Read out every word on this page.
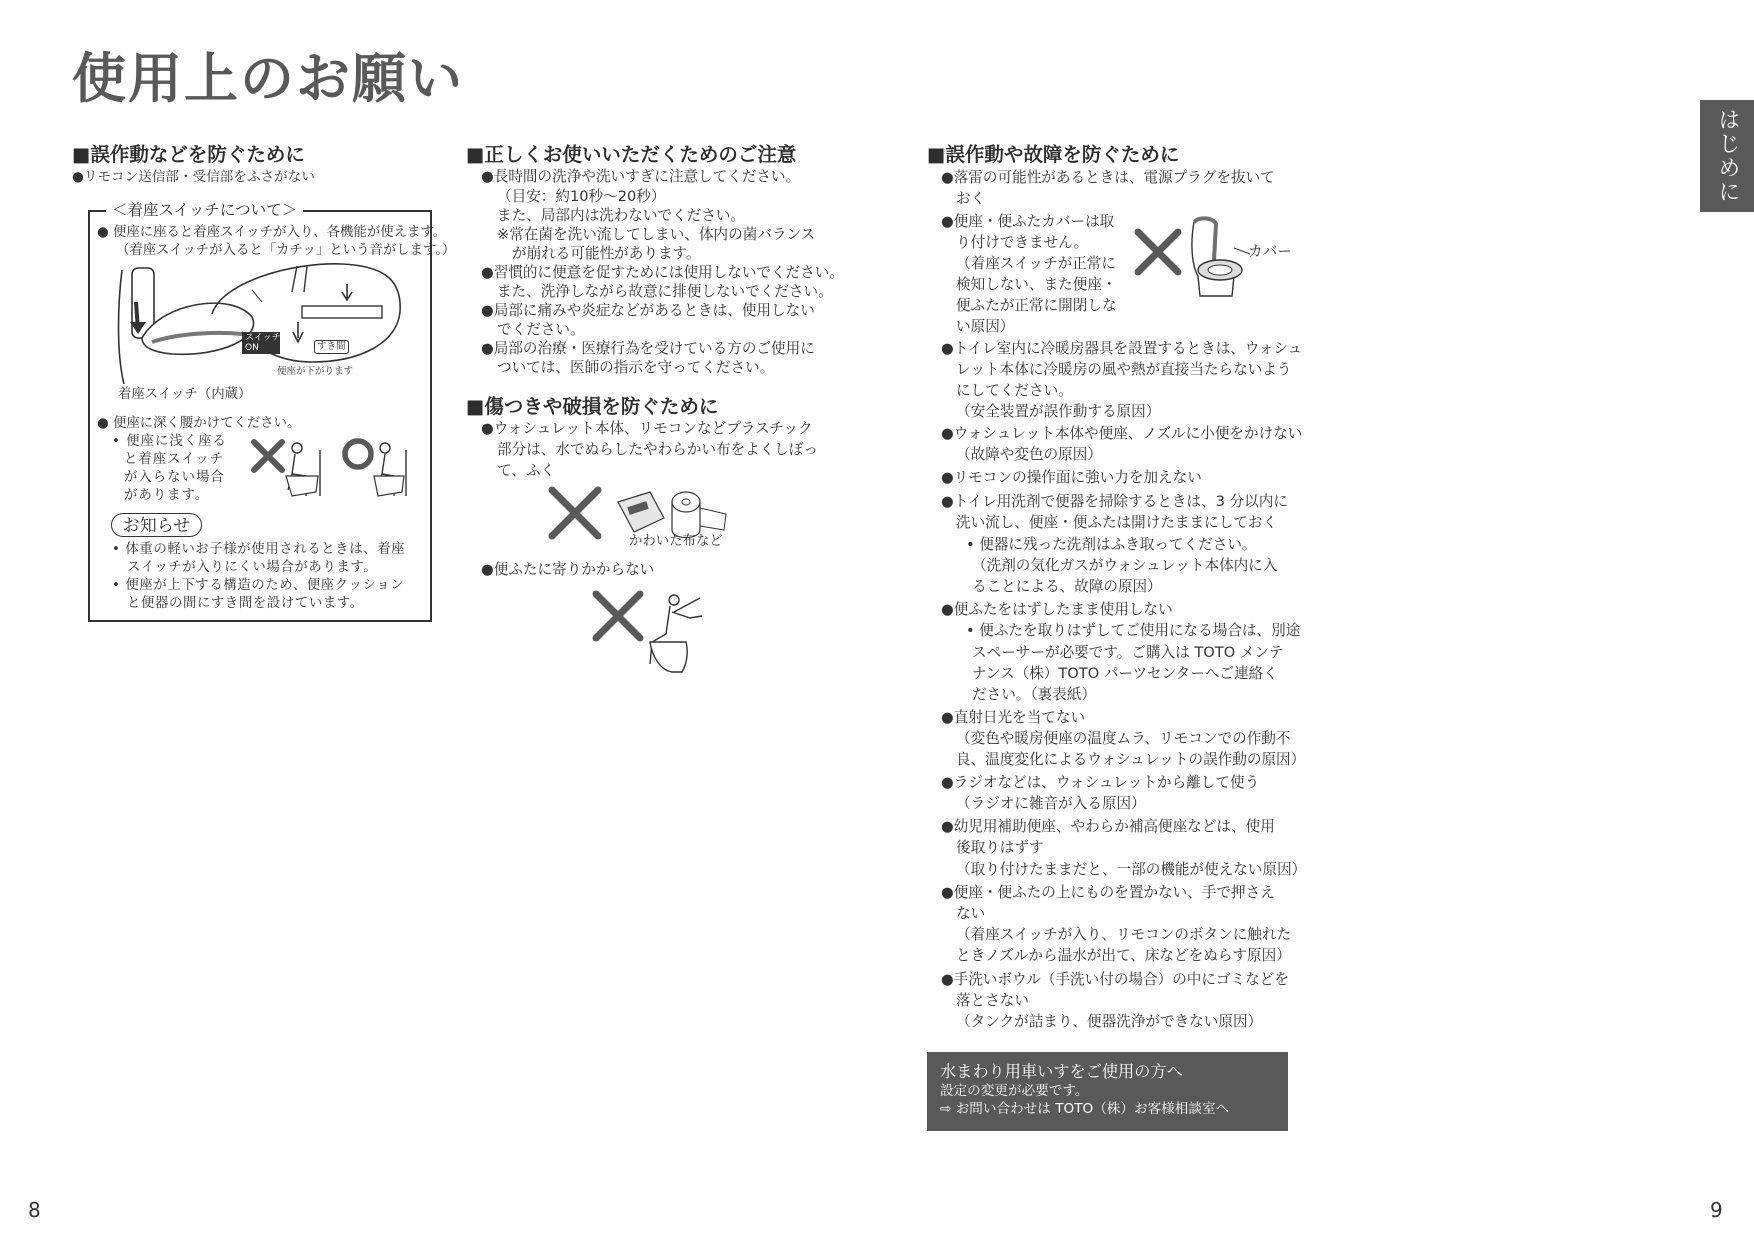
使用上のお願い
はじめに
■誤作動などを防ぐために
●リモコン送信部・受信部をふさがない
＜着座スイッチについて＞
● 便座に座ると着座スイッチが入り、各機能が使えます。
（着座スイッチが入ると「カチッ」という音がします。）
スイッチ
ON	すき間
便座が下がります
着座スイッチ（内蔵）
● 便座に深く腰かけてください。
• 便座に浅く座る
と着座スイッチ
が入らない場合
があります。
お知らせ
• 体重の軽いお子様が使用されるときは、着座
スイッチが入りにくい場合があります。
• 便座が上下する構造のため、便座クッション
と便器の間にすき間を設けています。
■正しくお使いいただくためのご注意
●長時間の洗浄や洗いすぎに注意してください。
（目安：約10秒～20秒）
また、局部内は洗わないでください。
※常在菌を洗い流してしまい、体内の菌バランス
が崩れる可能性があります。
●習慣的に便意を促すためには使用しないでください。
また、洗浄しながら故意に排便しないでください。
●局部に痛みや炎症などがあるときは、使用しない
でください。
●局部の治療・医療行為を受けている方のご使用に
ついては、医師の指示を守ってください。
■傷つきや破損を防ぐために
●ウォシュレット本体、リモコンなどプラスチック
部分は、水でぬらしたやわらかい布をよくしぼっ
て、ふく
かわいた布など
●便ふたに寄りかからない
■誤作動や故障を防ぐために
●落雷の可能性があるときは、電源プラグを抜いて
おく
●便座・便ふたカバーは取
り付けできません。
（着座スイッチが正常に
検知しない、また便座・
便ふたが正常に開閉しな
い原因）
カバー
●トイレ室内に冷暖房器具を設置するときは、ウォシュ
レット本体に冷暖房の風や熱が直接当たらないよう
にしてください。
（安全装置が誤作動する原因）
●ウォシュレット本体や便座、ノズルに小便をかけない
（故障や変色の原因）
●リモコンの操作面に強い力を加えない
●トイレ用洗剤で便器を掃除するときは、3 分以内に
洗い流し、便座・便ふたは開けたままにしておく
• 便器に残った洗剤はふき取ってください。
（洗剤の気化ガスがウォシュレット本体内に入
ることによる、故障の原因）
●便ふたをはずしたまま使用しない
• 便ふたを取りはずしてご使用になる場合は、別途
スペーサーが必要です。ご購入は TOTO メンテ
ナンス（株）TOTO パーツセンターへご連絡く
ださい。（裏表紙）
●直射日光を当てない
（変色や暖房便座の温度ムラ、リモコンでの作動不
良、温度変化によるウォシュレットの誤作動の原因）
●ラジオなどは、ウォシュレットから離して使う
（ラジオに雑音が入る原因）
●幼児用補助便座、やわらか補高便座などは、使用
後取りはずす
（取り付けたままだと、一部の機能が使えない原因）
●便座・便ふたの上にものを置かない、手で押さえ
ない
（着座スイッチが入り、リモコンのボタンに触れた
ときノズルから温水が出て、床などをぬらす原因）
●手洗いボウル（手洗い付の場合）の中にゴミなどを
落とさない
（タンクが詰まり、便器洗浄ができない原因）
水まわり用車いすをご使用の方へ
設定の変更が必要です。
⇨ お問い合わせは TOTO（株）お客様相談室へ
8	9
